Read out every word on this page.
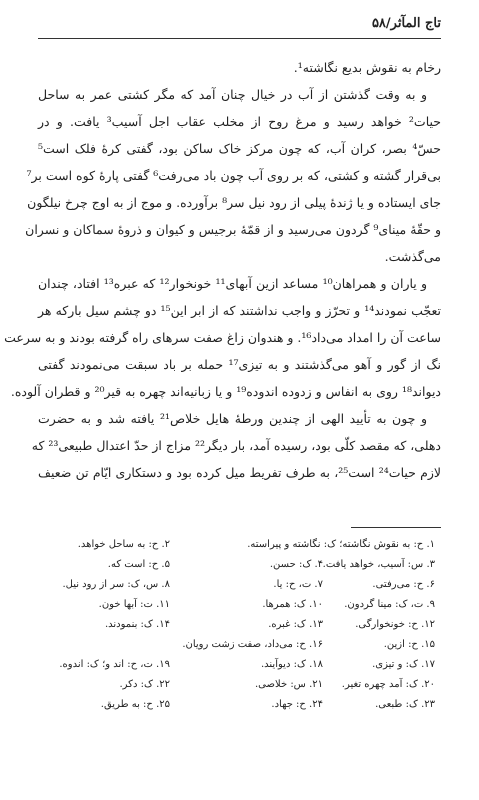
تاج المآثر/۵۸
رخام به نقوش بدیع نگاشته¹.
و به وقت گذشتن از آب در خیال چنان آمد که مگر کشتی عمر به ساحل
حیات² خواهد رسید و مرغ روح از مخلب عقاب اجل آسیب³ یافت. و در
حسّ⁴ بصر، کران آب، که چون مرکز خاک ساکن بود، گفتی کرهٔ فلک است⁵
بی‌قرار گشته و کشتی، که بر روی آب چون باد می‌رفت⁶ گفتی پارهٔ کوه است بر⁷
جای ایستاده و یا ژندهٔ پیلی از رود نیل سر⁸ برآورده. و موج از به اوج چرخ نیلگون
و حقّهٔ مینای⁹ گردون می‌رسید و از قمّهٔ برجیس و کیوان و ذروهٔ سماکان و نسران
می‌گذشت.
و یاران و همراهان¹⁰ مساعد ازین آبهای¹¹ خونخوار¹² که عبره¹³ افتاد، چندان
تعجّب نمودند¹⁴ و تحرّز و واجب نداشتند که از ابر این¹⁵ دو چشم سیل بارکه هر
ساعت آن را امداد می‌داد¹⁶. و هندوان زاغ صفت سرهای راه گرفته بودند و به سرعت
نگ از گور و آهو می‌گذشتند و به تیزی¹⁷ حمله بر باد سبقت می‌نمودند گفتی
دیواند¹⁸ روی به انفاس و زدوده اندوده¹⁹ و یا زبانیه‌اند چهره به قیر²⁰ و قطران آلوده.
و چون به تأیید الهی از چندین ورطهٔ هایل خلاص²¹ یافته شد و به حضرت
دهلی، که مقصد کلّی بود، رسیده آمد، بار دیگر²² مزاج از حدّ اعتدال طبیعی²³ که
لازم حیات²⁴ است²⁵، به طرف تفریط میل کرده بود و دستکاری ایّام تن ضعیف
۱. ح: به نقوش نگاشته؛ ک: نگاشته و پیراسته.
۲. ح: به ساحل خواهد.
۳. س: آسیب، خواهد یافت.
۴. ک: حسن.
۵. ح: است که.
۶. ح: می‌رفتی.
۷. ت، ح: یا.
۸. س، ک: سر از رود نیل.
۹. ت، ک: مینا گردون.
۱۰. ک: همرها.
۱۱. ت: آبها خون.
۱۲. ح: خونخوارگی.
۱۳. ک: غبره.
۱۴. ک: بنمودند.
۱۵. ح: ازین.
۱۶. ح: می‌داد، صفت زشت رویان.
۱۷. ک: و تیزی.
۱۸. ک: دیوآیند.
۱۹. ت، ح: اند و؛ ک: اندوه.
۲۰. ک: آمد چهره تغیر.
۲۱. س: خلاصی.
۲۲. ک: دکر.
۲۳. ک: طبعی.
۲۴. ح: جهاد.
۲۵. ح: به طریق.
